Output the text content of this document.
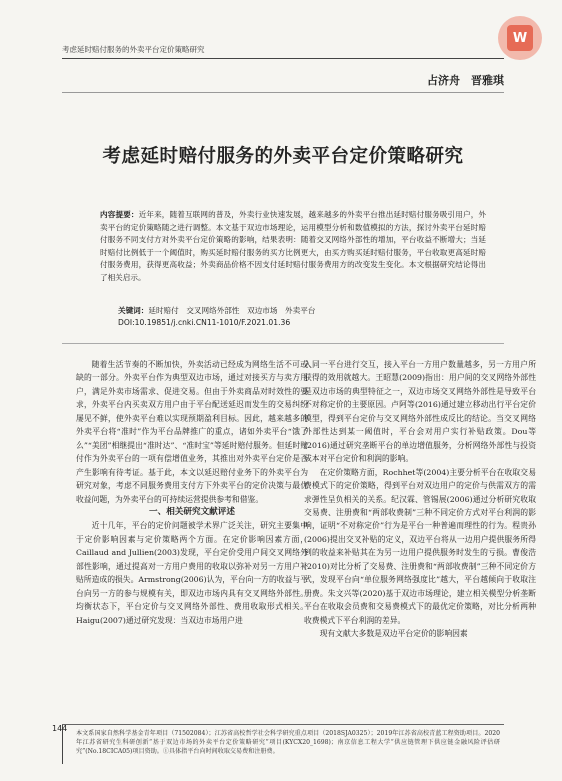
考虑延时赔付服务的外卖平台定价策略研究
W
占济舟　晋雅琪
考虑延时赔付服务的外卖平台定价策略研究
内容提要：近年来，随着互联网的普及，外卖行业快速发展，越来越多的外卖平台推出延时赔付服务吸引用户，外卖平台的定价策略随之进行调整。本文基于双边市场理论，运用模型分析和数值模拟的方法，探讨外卖平台延时赔付服务不同支付方对外卖平台定价策略的影响，结果表明：随着交叉网络外部性的增加，平台收益不断增大；当延时赔付比例低于一个阈值时，购买延时赔付服务的买方比例更大，由买方购买延时赔付服务，平台收取更高延时赔付服务费用，获得更高收益；外卖商品价格不因支付延时赔付服务费用方的改变发生变化。本文根据研究结论得出了相关启示。
关键词：延时赔付　交叉网络外部性　双边市场　外卖平台
DOI:10.19851/j.cnki.CN11-1010/F.2021.01.36

随着生活节奏的不断加快，外卖活动已经成为网络生活不可或缺的一部分。外卖平台作为典型双边市场，通过对接买方与卖方用户，满足外卖市场需求、促进交易。但由于外卖商品对时效性的要求，外卖平台内买卖双方用户由于平台配送延迟而发生的交易纠纷屡见不鲜，使外卖平台难以实现预期盈利目标。因此，越来越多的外卖平台将“准时”作为平台品牌推广的重点，诸如外卖平台“饿了么”“美团”相继提出“准时达”、“准时宝”等延时赔付服务。但延时赔付作为外卖平台的一项有偿增值业务，其推出对外卖平台定价是否产生影响有待考证。基于此，本文以延迟赔付业务下的外卖平台为研究对象，考虑不同服务费用支付方下外卖平台的定价决策与最优收益问题，为外卖平台的可持续运营提供参考和借鉴。

一、相关研究文献评述

近十几年，平台的定价问题被学术界广泛关注，研究主要集中于定价影响因素与定价策略两个方面。在定价影响因素方面，Caillaud and Jullien(2003)发现，平台定价受用户间交叉网络外部性影响，通过提高对一方用户费用的收取以弥补对另一方用户补贴所造成的损失。Armstrong(2006)认为，平台向一方的收益与平台向另一方的参与规模有关，即双边市场内具有交叉网络外部性。均衡状态下，平台定价与交叉网络外部性、费用收取形式相关。Haigu(2007)通过研究发现：当双边市场用户进

入同一平台进行交互，接入平台一方用户数量越多，另一方用户所获得的效用就越大。王昭慧(2009)指出：用户间的交叉网络外部性是双边市场的典型特征之一，双边市场交叉网络外部性是导致平台不对称定价的主要原因。卢阿等(2016)通过建立移动出行平台定价模型，得到平台定价与交叉网络外部性成反比的结论。当交叉网络外部性达到某一阈值时，平台会对用户实行补贴政策。Dou等(2016)通过研究垄断平台的单边增值服务，分析网络外部性与投资成本对平台定价和利润的影响。

在定价策略方面，Rochhet等(2004)主要分析平台在收取交易费模式下的定价策略，得到平台对双边用户的定价与供需双方的需求弹性呈负相关的关系。纪汉霖、管锡展(2006)通过分析研究收取交易费、注册费和“两部收费制”三种不同定价方式对平台利润的影响，证明“不对称定价”行为是平台一种普遍而理性的行为。程贵孙(2006)提出交叉补贴的定义，双边平台将从一边用户提供服务所得到的收益来补贴其在为另一边用户提供服务时发生的亏损。曹俊浩(2010)对比分析了交易费、注册费和“两部收费制”三种不同定价方式，发现平台向“单位服务网络强度比”越大，平台越倾向于收取注册费。朱文兴等(2020)基于双边市场理论，建立相关模型分析垄断平台在收取会员费和交易费模式下的最优定价策略，对比分析两种收费模式下平台利润的差异。

现有文献大多数是双边平台定价的影响因素

144
本文系国家自然科学基金青年项目（71502084）；江苏省高校哲学社会科学研究重点项目（2018SJA0325）；2019年江苏省高校青蓝工程资助项目。2020年江苏省研究生科研创新“基于双边市场的外卖平台定价策略研究”项目(KYCX20_1698)；南京信息工程大学“供应链管理下供应链金融风险评估研究”(No.18CICA05)项目资助。①具体指平台向时间收取交易费和注册费。
